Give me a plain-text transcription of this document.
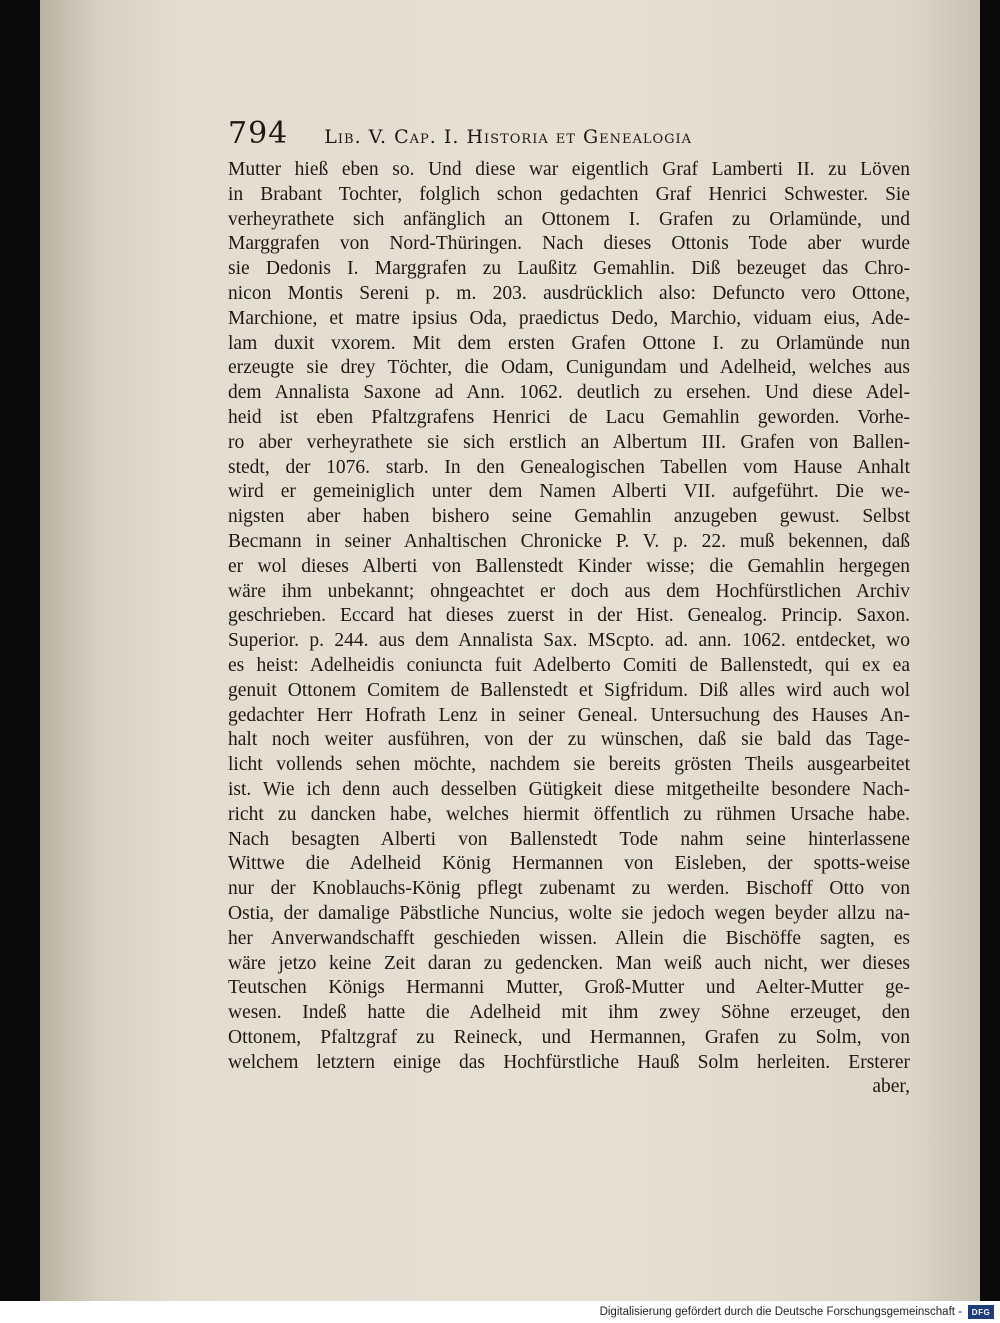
794 Lib. V. Cap. I. Historia et Genealogia
Mutter hieß eben so. Und diese war eigentlich Graf Lamberti II. zu Löven
in Brabant Tochter, folglich schon gedachten Graf Henrici Schwester. Sie
verheyrathete sich anfänglich an Ottonem I. Grafen zu Orlamünde, und
Marggrafen von Nord-Thüringen. Nach dieses Ottonis Tode aber wurde
sie Dedonis I. Marggrafen zu Laußitz Gemahlin. Diß bezeuget das Chro-
nicon Montis Sereni p. m. 203. ausdrücklich also: Defuncto vero Ottone,
Marchione, et matre ipsius Oda, praedictus Dedo, Marchio, viduam eius, Ade-
lam duxit vxorem. Mit dem ersten Grafen Ottone I. zu Orlamünde nun
erzeugte sie drey Töchter, die Odam, Cunigundam und Adelheid, welches aus
dem Annalista Saxone ad Ann. 1062. deutlich zu ersehen. Und diese Adel-
heid ist eben Pfaltzgrafens Henrici de Lacu Gemahlin geworden. Vorhe-
ro aber verheyrathete sie sich erstlich an Albertum III. Grafen von Ballen-
stedt, der 1076. starb. In den Genealogischen Tabellen vom Hause Anhalt
wird er gemeiniglich unter dem Namen Alberti VII. aufgeführt. Die we-
nigsten aber haben bishero seine Gemahlin anzugeben gewust. Selbst
Becmann in seiner Anhaltischen Chronicke P. V. p. 22. muß bekennen, daß
er wol dieses Alberti von Ballenstedt Kinder wisse; die Gemahlin hergegen
wäre ihm unbekannt; ohngeachtet er doch aus dem Hochfürstlichen Archiv
geschrieben. Eccard hat dieses zuerst in der Hist. Genealog. Princip. Saxon.
Superior. p. 244. aus dem Annalista Sax. MScpto. ad. ann. 1062. entdecket, wo
es heist: Adelheidis coniuncta fuit Adelberto Comiti de Ballenstedt, qui ex ea
genuit Ottonem Comitem de Ballenstedt et Sigfridum. Diß alles wird auch wol
gedachter Herr Hofrath Lenz in seiner Geneal. Untersuchung des Hauses An-
halt noch weiter ausführen, von der zu wünschen, daß sie bald das Tage-
licht vollends sehen möchte, nachdem sie bereits grösten Theils ausgearbeitet
ist. Wie ich denn auch desselben Gütigkeit diese mitgetheilte besondere Nach-
richt zu dancken habe, welches hiermit öffentlich zu rühmen Ursache habe.
Nach besagten Alberti von Ballenstedt Tode nahm seine hinterlassene
Wittwe die Adelheid König Hermannen von Eisleben, der spotts-weise
nur der Knoblauchs-König pflegt zubenamt zu werden. Bischoff Otto von
Ostia, der damalige Päbstliche Nuncius, wolte sie jedoch wegen beyder allzu na-
her Anverwandschafft geschieden wissen. Allein die Bischöffe sagten, es
wäre jetzo keine Zeit daran zu gedencken. Man weiß auch nicht, wer dieses
Teutschen Königs Hermanni Mutter, Groß-Mutter und Aelter-Mutter ge-
wesen. Indeß hatte die Adelheid mit ihm zwey Söhne erzeuget, den
Ottonem, Pfaltzgraf zu Reineck, und Hermannen, Grafen zu Solm, von
welchem letztern einige das Hochfürstliche Hauß Solm herleiten. Ersterer
aber,
Digitalisierung gefördert durch die Deutsche Forschungsgemeinschaft -	DFG
